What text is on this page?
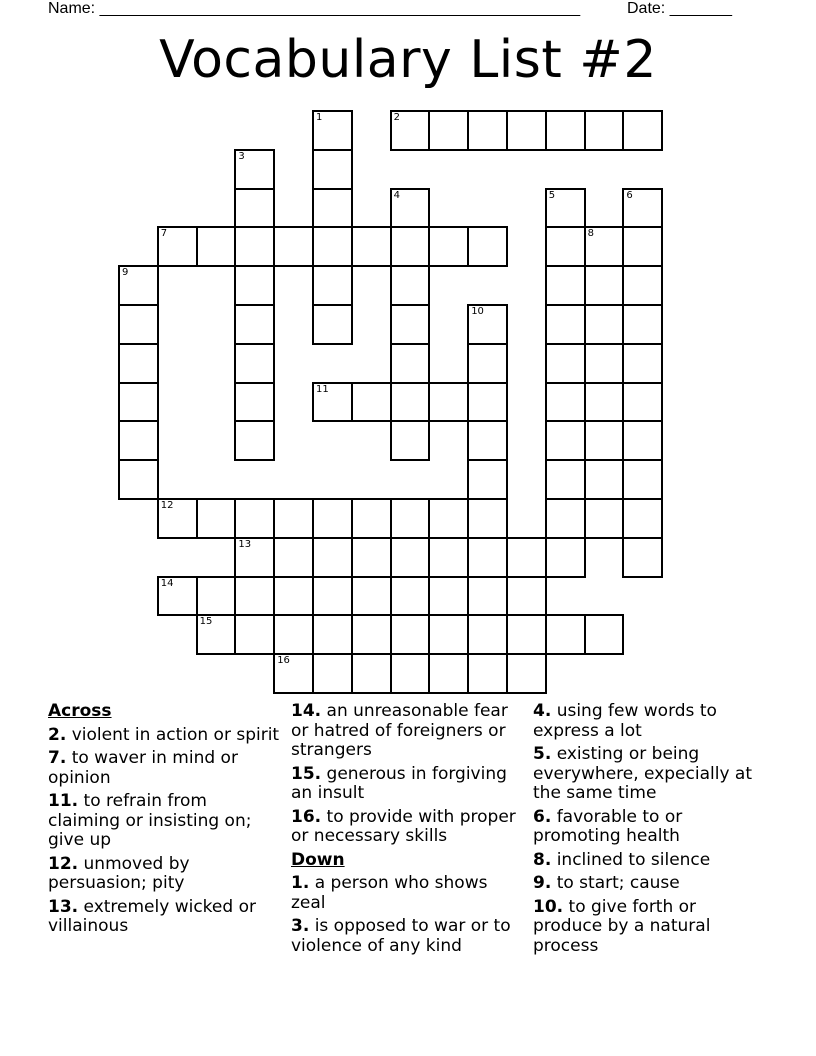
Name: ______________________________________________________	Date: _______
Vocabulary List #2
1	2
3
4	5	6
7	8
9
10
11
12
13
14
15
16
Across
2. violent in action or spirit
7. to waver in mind or opinion
11. to refrain from claiming or insisting on; give up
12. unmoved by persuasion; pity
13. extremely wicked or villainous
14. an unreasonable fear or hatred of foreigners or strangers
15. generous in forgiving an insult
16. to provide with proper or necessary skills
Down
1. a person who shows zeal
3. is opposed to war or to violence of any kind
4. using few words to express a lot
5. existing or being everywhere, expecially at the same time
6. favorable to or promoting health
8. inclined to silence
9. to start; cause
10. to give forth or produce by a natural process
